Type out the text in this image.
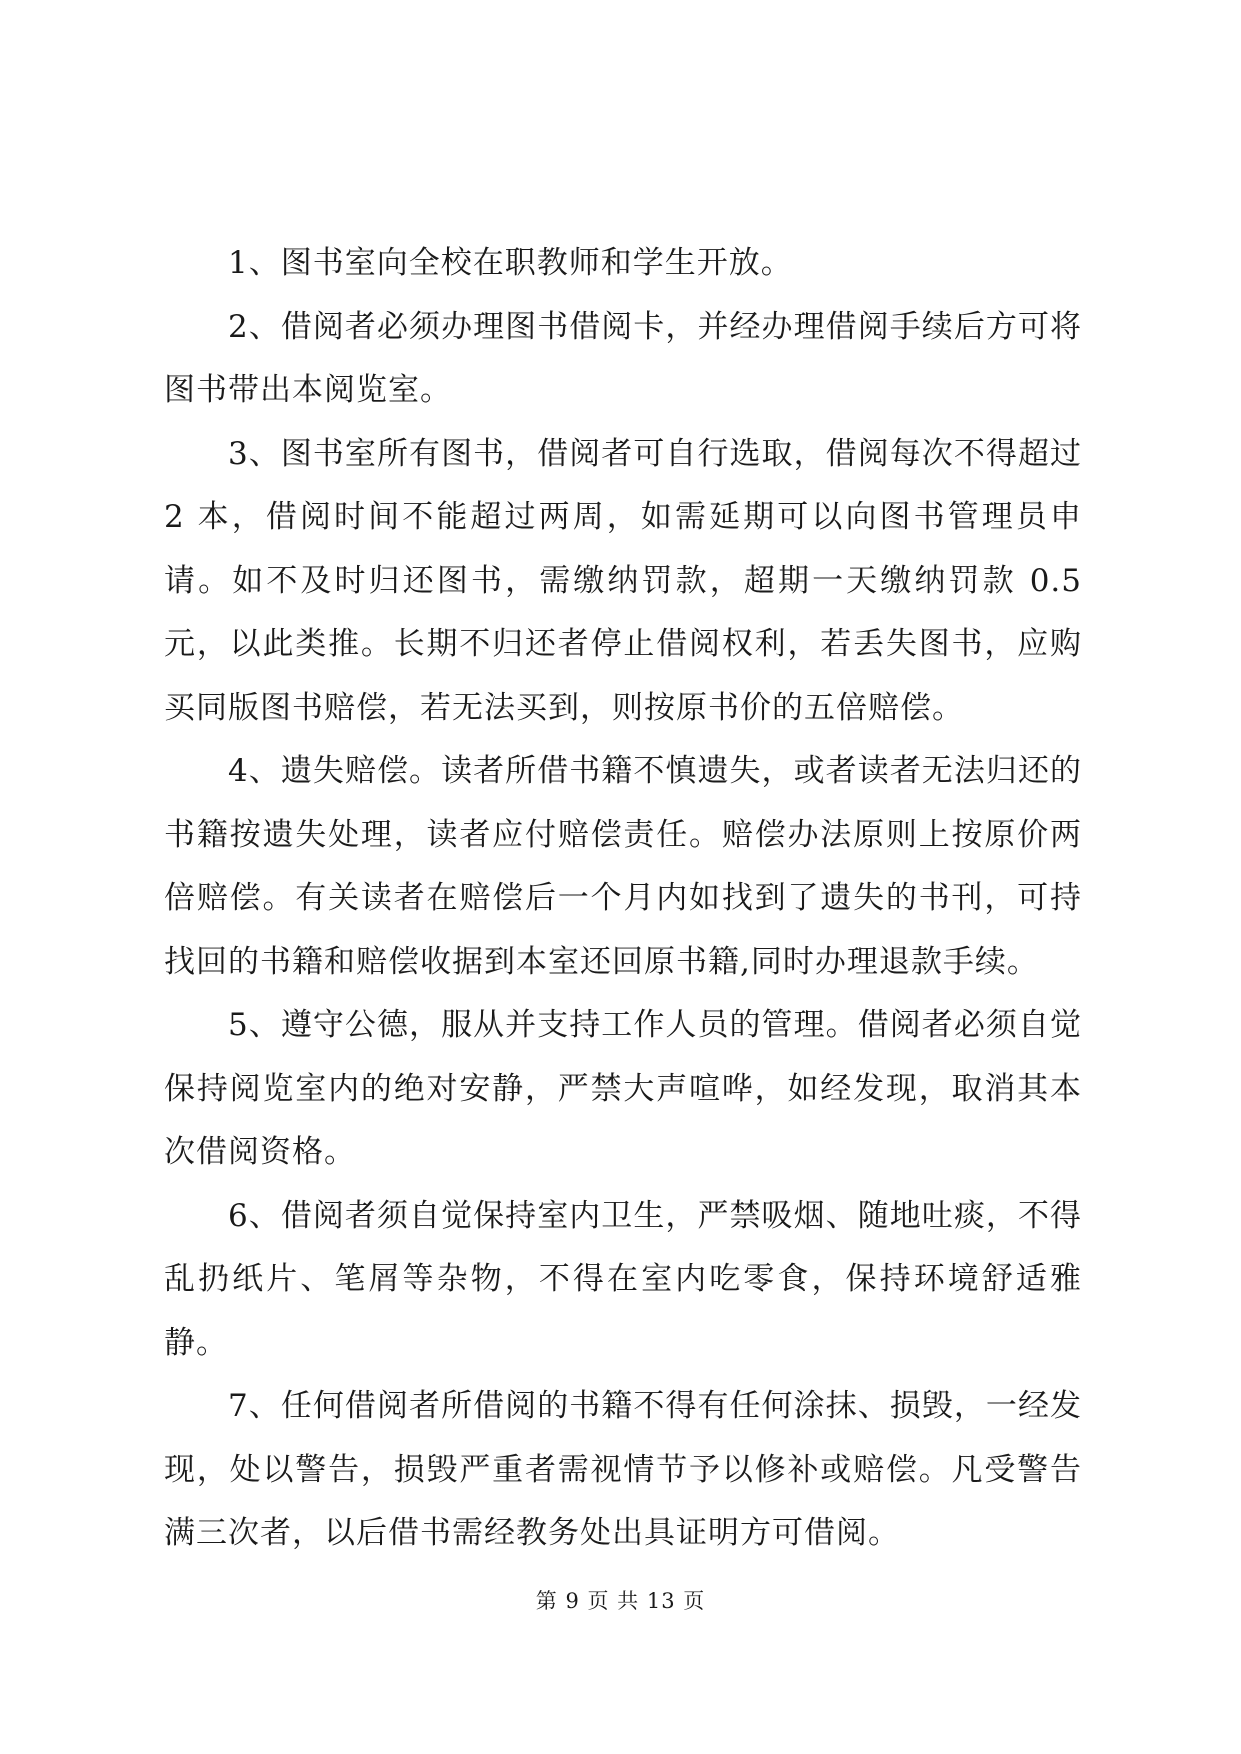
1、图书室向全校在职教师和学生开放。

2、借阅者必须办理图书借阅卡，并经办理借阅手续后方可将图书带出本阅览室。

3、图书室所有图书，借阅者可自行选取，借阅每次不得超过 2 本，借阅时间不能超过两周，如需延期可以向图书管理员申请。如不及时归还图书，需缴纳罚款，超期一天缴纳罚款 0.5 元，以此类推。长期不归还者停止借阅权利，若丢失图书，应购买同版图书赔偿，若无法买到，则按原书价的五倍赔偿。

4、遗失赔偿。读者所借书籍不慎遗失，或者读者无法归还的书籍按遗失处理，读者应付赔偿责任。赔偿办法原则上按原价两倍赔偿。有关读者在赔偿后一个月内如找到了遗失的书刊，可持找回的书籍和赔偿收据到本室还回原书籍,同时办理退款手续。

5、遵守公德，服从并支持工作人员的管理。借阅者必须自觉保持阅览室内的绝对安静，严禁大声喧哗，如经发现，取消其本次借阅资格。

6、借阅者须自觉保持室内卫生，严禁吸烟、随地吐痰，不得乱扔纸片、笔屑等杂物，不得在室内吃零食，保持环境舒适雅静。

7、任何借阅者所借阅的书籍不得有任何涂抹、损毁，一经发现，处以警告，损毁严重者需视情节予以修补或赔偿。凡受警告满三次者，以后借书需经教务处出具证明方可借阅。

第 9 页 共 13 页
